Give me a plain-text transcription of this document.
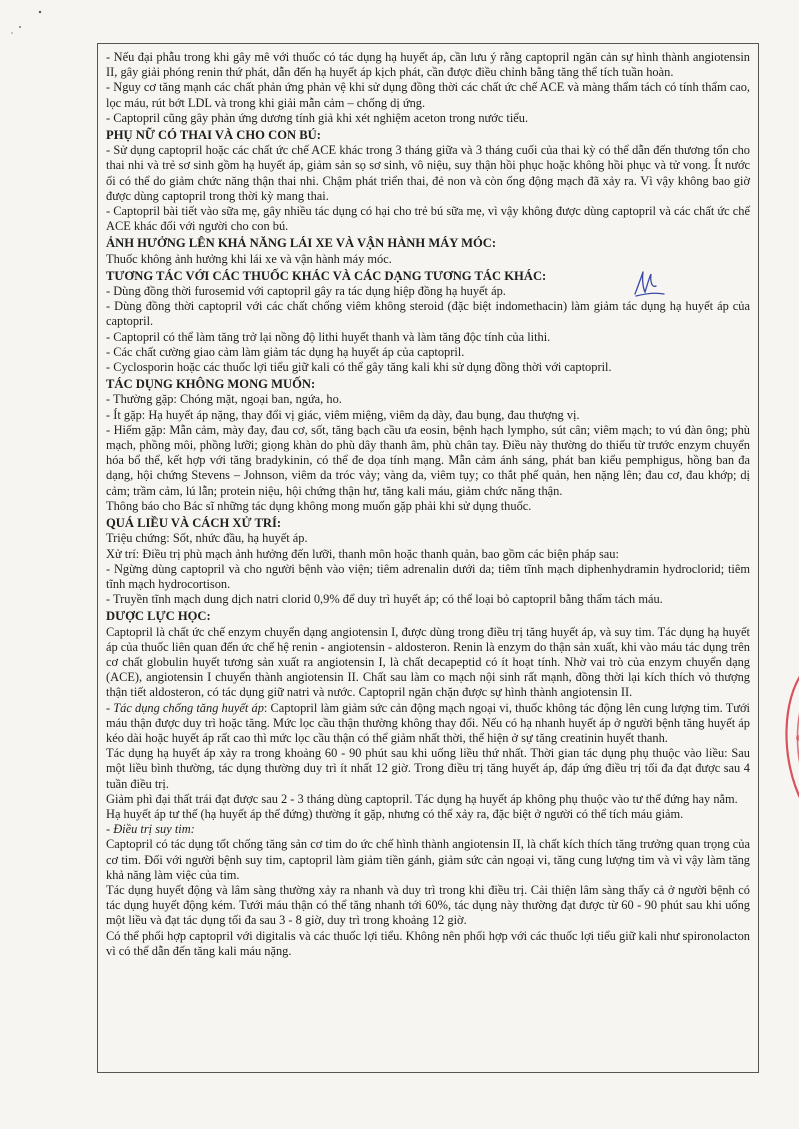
- Nếu đại phẫu trong khi gây mê với thuốc có tác dụng hạ huyết áp, cần lưu ý rằng captopril ngăn cản sự hình thành angiotensin II, gây giải phóng renin thứ phát, dẫn đến hạ huyết áp kịch phát, cần được điều chỉnh bằng tăng thể tích tuần hoàn.

- Nguy cơ tăng mạnh các chất phản ứng phản vệ khi sử dụng đồng thời các chất ức chế ACE và màng thẩm tách có tính thẩm cao, lọc máu, rút bớt LDL và trong khi giải mẫn cảm – chống dị ứng.

- Captopril cũng gây phản ứng dương tính giả khi xét nghiệm aceton trong nước tiểu.

PHỤ NỮ CÓ THAI VÀ CHO CON BÚ:

- Sử dụng captopril hoặc các chất ức chế ACE khác trong 3 tháng giữa và 3 tháng cuối của thai kỳ có thể dẫn đến thương tổn cho thai nhi và trẻ sơ sinh gồm hạ huyết áp, giảm sản sọ sơ sinh, vô niệu, suy thận hồi phục hoặc không hồi phục và tử vong. Ít nước ối có thể do giảm chức năng thận thai nhi. Chậm phát triển thai, đẻ non và còn ống động mạch đã xảy ra. Vì vậy không bao giờ được dùng captopril trong thời kỳ mang thai.

- Captopril bài tiết vào sữa mẹ, gây nhiều tác dụng có hại cho trẻ bú sữa mẹ, vì vậy không được dùng captopril và các chất ức chế ACE khác đối với người cho con bú.

ẢNH HƯỞNG LÊN KHẢ NĂNG LÁI XE VÀ VẬN HÀNH MÁY MÓC:

Thuốc không ảnh hưởng khi lái xe và vận hành máy móc.

TƯƠNG TÁC VỚI CÁC THUỐC KHÁC VÀ CÁC DẠNG TƯƠNG TÁC KHÁC:

- Dùng đồng thời furosemid với captopril gây ra tác dụng hiệp đồng hạ huyết áp.

- Dùng đồng thời captopril với các chất chống viêm không steroid (đặc biệt indomethacin) làm giảm tác dụng hạ huyết áp của captopril.

- Captopril có thể làm tăng trở lại nồng độ lithi huyết thanh và làm tăng độc tính của lithi.

- Các chất cường giao cảm làm giảm tác dụng hạ huyết áp của captopril.

- Cyclosporin hoặc các thuốc lợi tiểu giữ kali có thể gây tăng kali khi sử dụng đồng thời với captopril.

TÁC DỤNG KHÔNG MONG MUỐN:

- Thường gặp: Chóng mặt, ngoại ban, ngứa, ho.

- Ít gặp: Hạ huyết áp nặng, thay đổi vị giác, viêm miệng, viêm dạ dày, đau bụng, đau thượng vị.

- Hiếm gặp: Mẫn cảm, mày đay, đau cơ, sốt, tăng bạch cầu ưa eosin, bệnh hạch lympho, sút cân; viêm mạch; to vú đàn ông; phù mạch, phồng môi, phồng lưỡi; giọng khàn do phù dây thanh âm, phù chân tay. Điều này thường do thiếu từ trước enzym chuyển hóa bổ thể, kết hợp với tăng bradykinin, có thể đe dọa tính mạng. Mẫn cảm ánh sáng, phát ban kiểu pemphigus, hồng ban đa dạng, hội chứng Stevens – Johnson, viêm da tróc vảy; vàng da, viêm tụy; co thắt phế quản, hen nặng lên; đau cơ, đau khớp; dị cảm; trầm cảm, lú lẫn; protein niệu, hội chứng thận hư, tăng kali máu, giảm chức năng thận.

Thông báo cho Bác sĩ những tác dụng không mong muốn gặp phải khi sử dụng thuốc.

QUÁ LIỀU VÀ CÁCH XỬ TRÍ:

Triệu chứng: Sốt, nhức đầu, hạ huyết áp.

Xử trí: Điều trị phù mạch ảnh hưởng đến lưỡi, thanh môn hoặc thanh quản, bao gồm các biện pháp sau:

- Ngừng dùng captopril và cho người bệnh vào viện; tiêm adrenalin dưới da; tiêm tĩnh mạch diphenhydramin hydroclorid; tiêm tĩnh mạch hydrocortison.

- Truyền tĩnh mạch dung dịch natri clorid 0,9% để duy trì huyết áp; có thể loại bỏ captopril bằng thẩm tách máu.

DƯỢC LỰC HỌC:

Captopril là chất ức chế enzym chuyển dạng angiotensin I, được dùng trong điều trị tăng huyết áp, và suy tim. Tác dụng hạ huyết áp của thuốc liên quan đến ức chế hệ renin - angiotensin - aldosteron. Renin là enzym do thận sản xuất, khi vào máu tác dụng trên cơ chất globulin huyết tương sản xuất ra angiotensin I, là chất decapeptid có ít hoạt tính. Nhờ vai trò của enzym chuyển dạng (ACE), angiotensin I chuyển thành angiotensin II. Chất sau làm co mạch nội sinh rất mạnh, đồng thời lại kích thích vỏ thượng thận tiết aldosteron, có tác dụng giữ natri và nước. Captopril ngăn chặn được sự hình thành angiotensin II.

- Tác dụng chống tăng huyết áp: Captopril làm giảm sức cản động mạch ngoại vi, thuốc không tác động lên cung lượng tim. Tưới máu thận được duy trì hoặc tăng. Mức lọc cầu thận thường không thay đổi. Nếu có hạ nhanh huyết áp ở người bệnh tăng huyết áp kéo dài hoặc huyết áp rất cao thì mức lọc cầu thận có thể giảm nhất thời, thể hiện ở sự tăng creatinin huyết thanh.

Tác dụng hạ huyết áp xảy ra trong khoảng 60 - 90 phút sau khi uống liều thứ nhất. Thời gian tác dụng phụ thuộc vào liều: Sau một liều bình thường, tác dụng thường duy trì ít nhất 12 giờ. Trong điều trị tăng huyết áp, đáp ứng điều trị tối đa đạt được sau 4 tuần điều trị.

Giảm phì đại thất trái đạt được sau 2 - 3 tháng dùng captopril. Tác dụng hạ huyết áp không phụ thuộc vào tư thế đứng hay nằm.

Hạ huyết áp tư thế (hạ huyết áp thế đứng) thường ít gặp, nhưng có thể xảy ra, đặc biệt ở người có thể tích máu giảm.

- Điều trị suy tim:

Captopril có tác dụng tốt chống tăng sản cơ tim do ức chế hình thành angiotensin II, là chất kích thích tăng trưởng quan trọng của cơ tim. Đối với người bệnh suy tim, captopril làm giảm tiền gánh, giảm sức cản ngoại vi, tăng cung lượng tim và vì vậy làm tăng khả năng làm việc của tim.

Tác dụng huyết động và lâm sàng thường xảy ra nhanh và duy trì trong khi điều trị. Cải thiện lâm sàng thấy cả ở người bệnh có tác dụng huyết động kém. Tưới máu thận có thể tăng nhanh tới 60%, tác dụng này thường đạt được từ 60 - 90 phút sau khi uống một liều và đạt tác dụng tối đa sau 3 - 8 giờ, duy trì trong khoảng 12 giờ.

Có thể phối hợp captopril với digitalis và các thuốc lợi tiểu. Không nên phối hợp với các thuốc lợi tiểu giữ kali như spironolacton vì có thể dẫn đến tăng kali máu nặng.
